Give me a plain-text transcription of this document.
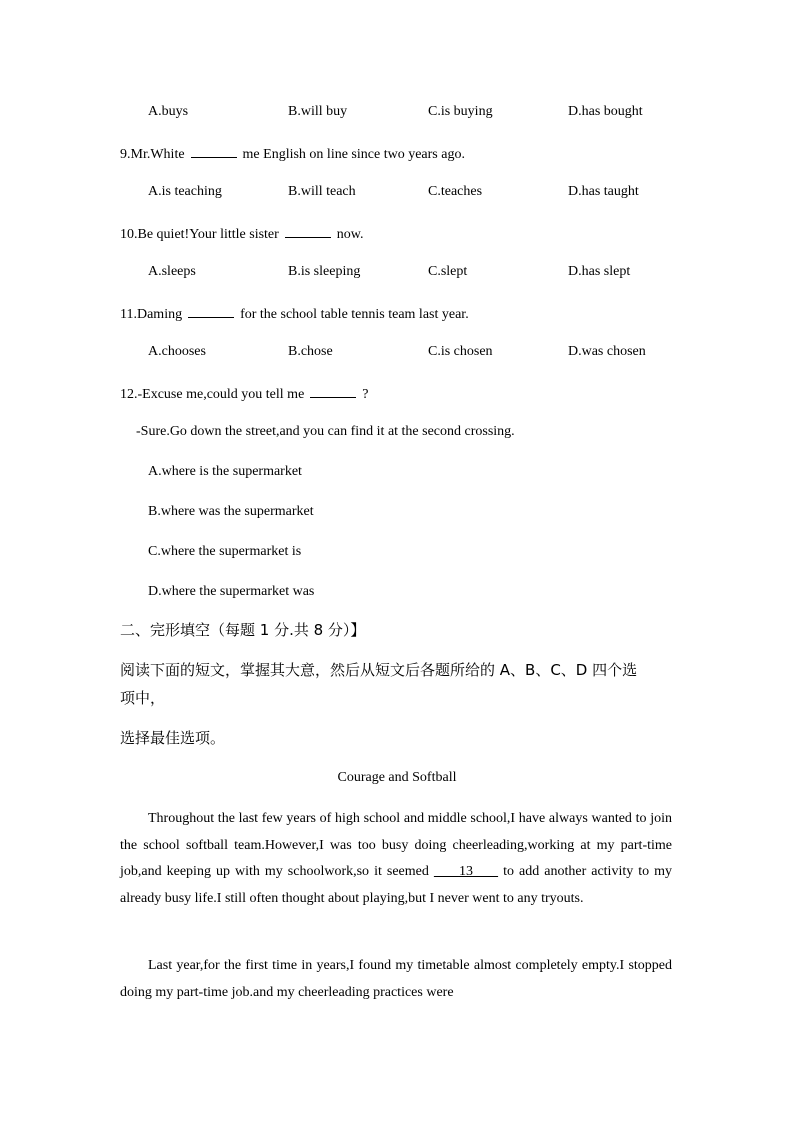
A.buys	B.will buy	C.is buying	D.has bought
9.Mr.White	me English on line since two years ago.
A.is teaching	B.will teach	C.teaches	D.has taught
10.Be quiet!Your little sister	now.
A.sleeps	B.is sleeping	C.slept	D.has slept
11.Daming	for the school table tennis team last year.
A.chooses	B.chose	C.is chosen	D.was chosen
12.-Excuse me,could you tell me	?
-Sure.Go down the street,and you can find it at the second crossing.
A.where is the supermarket
B.where was the supermarket
C.where the supermarket is
D.where the supermarket was
二、完形填空（每题 1 分.共 8 分）】
阅读下面的短文，掌握其大意，然后从短文后各题所给的 A、B、C、D 四个选
项中，
选择最佳选项。
Courage and Softball
Throughout the last few years of high school and middle school,I have always wanted to join the school softball team.However,I was too busy doing cheerleading,working at my part-time job,and keeping up with my schoolwork,so it seemed 13 to add another activity to my already busy life.I still often thought about playing,but I never went to any tryouts.
Last year,for the first time in years,I found my timetable almost completely empty.I stopped doing my part-time job.and my cheerleading practices were
